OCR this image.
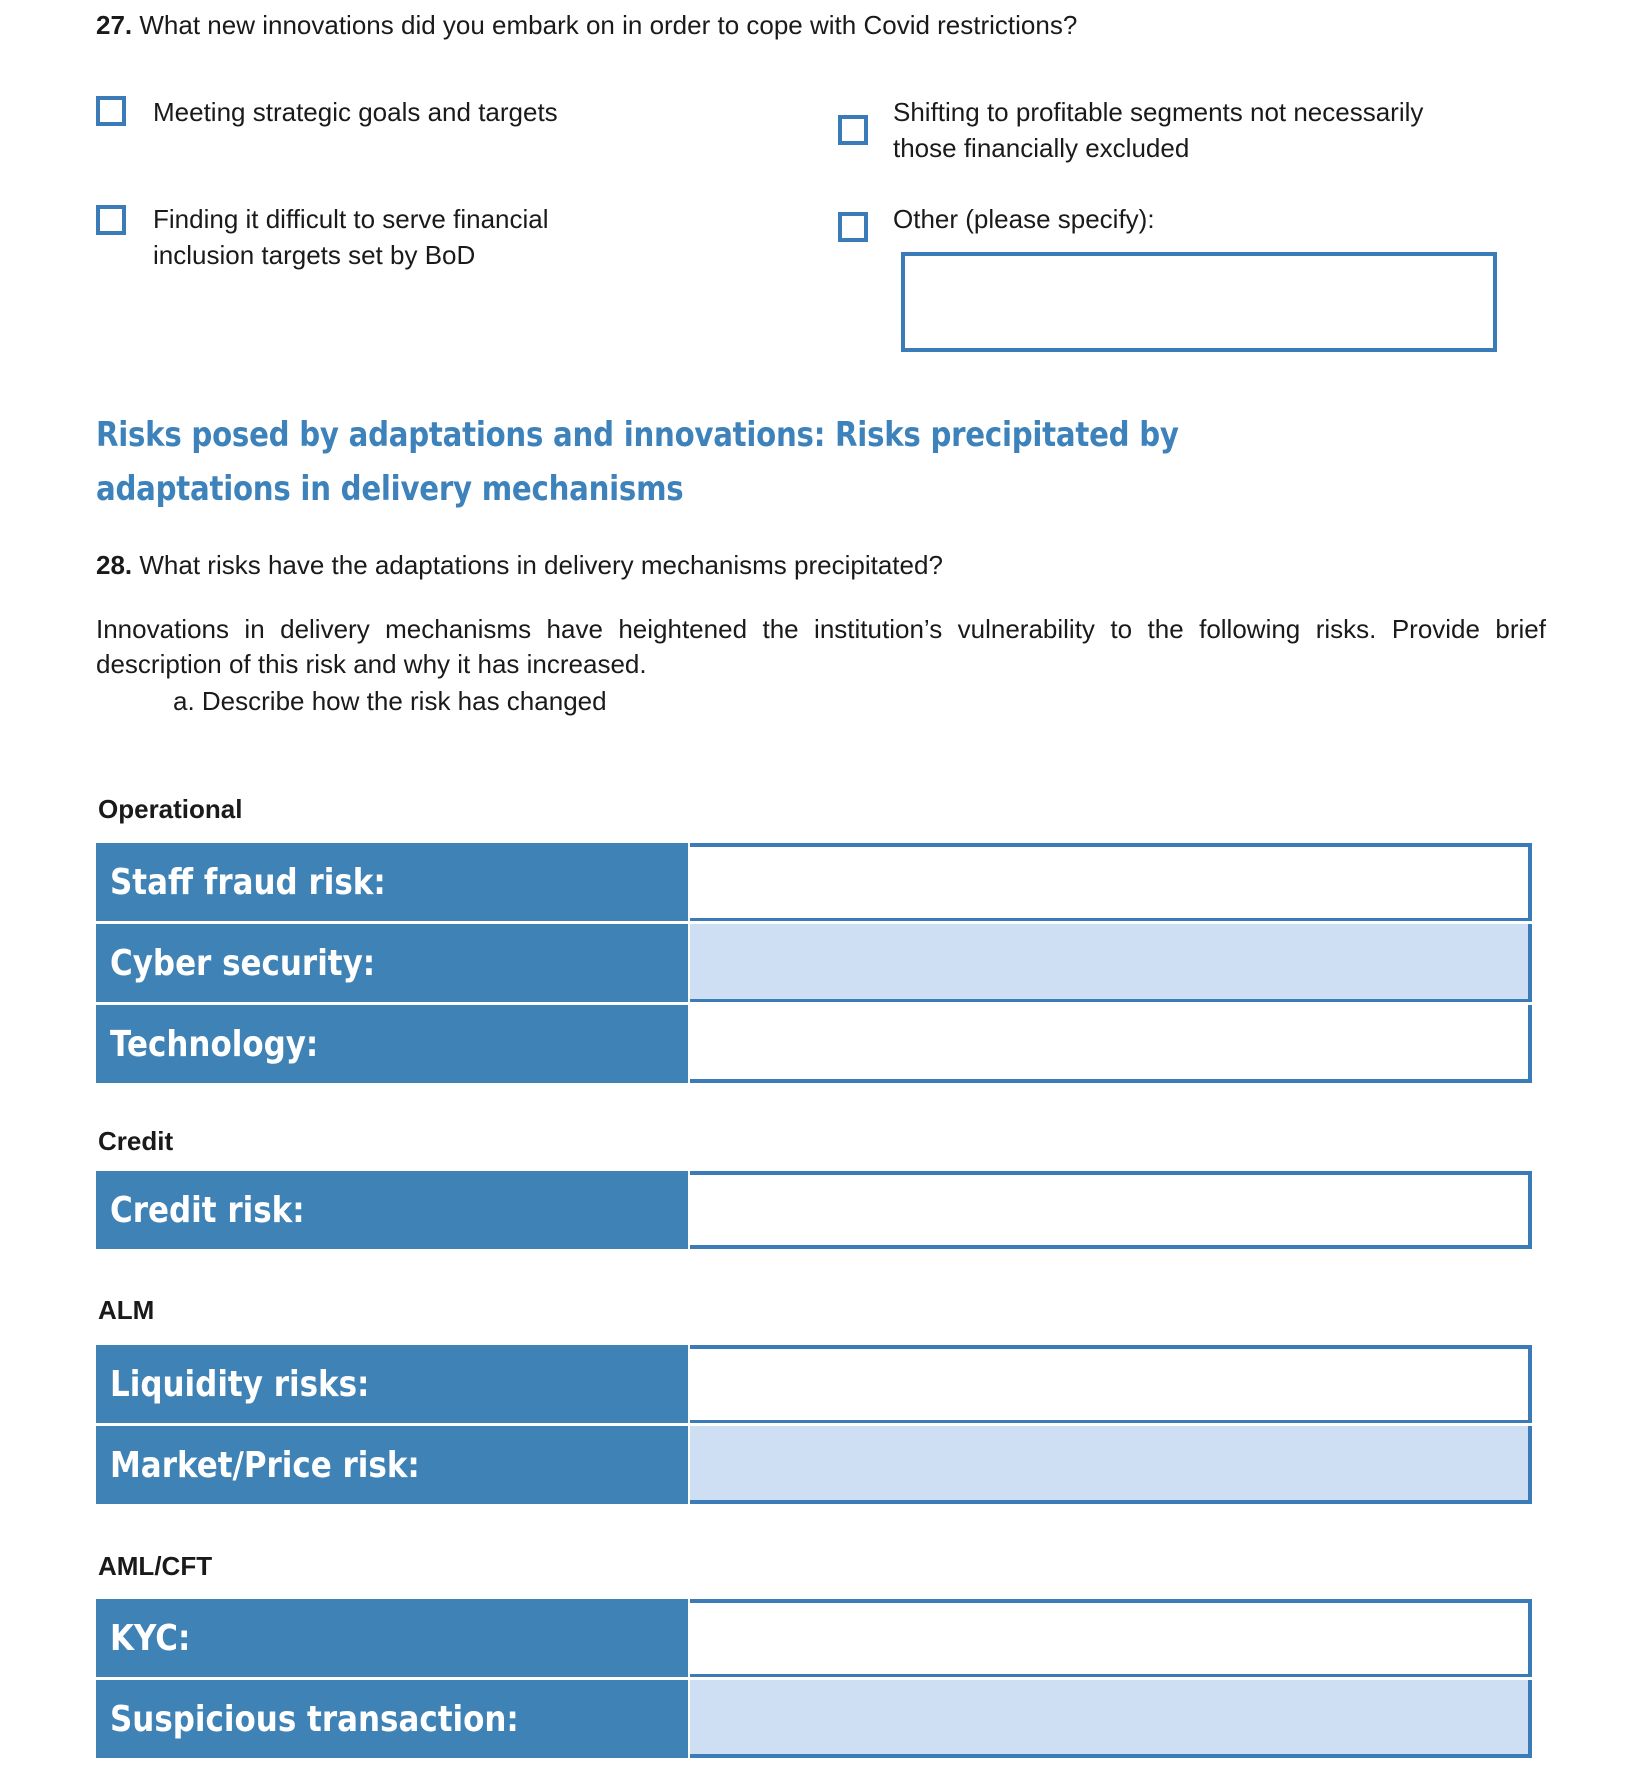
27. What new innovations did you embark on in order to cope with Covid restrictions?
Meeting strategic goals and targets
Finding it difficult to serve financial inclusion targets set by BoD
Shifting to profitable segments not necessarily those financially excluded
Other (please specify):
Risks posed by adaptations and innovations: Risks precipitated by adaptations in delivery mechanisms
28. What risks have the adaptations in delivery mechanisms precipitated?
Innovations in delivery mechanisms have heightened the institution’s vulnerability to the following risks. Provide brief description of this risk and why it has increased.
a. Describe how the risk has changed
Operational
Staff fraud risk:
Cyber security:
Technology:
Credit
Credit risk:
ALM
Liquidity risks:
Market/Price risk:
AML/CFT
KYC:
Suspicious transaction:
